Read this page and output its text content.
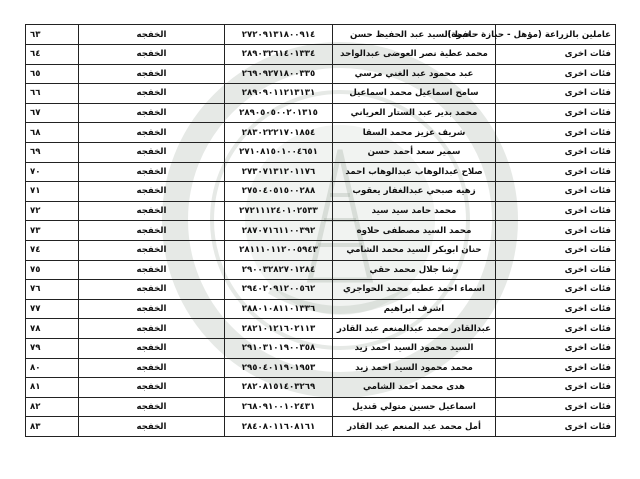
٦٣	الخفجه	٢٧٢٠٩١٣١٨٠٠٩١٤	حافظ السيد عبد الحفيظ حسن	عاملين بالزراعة (مؤهل - حيازة - خبرة)
٦٤	الخفجه	٢٨٩٠٣٢٦١٤٠١٣٣٤	محمد عطية نصر العوضى عبدالواحد	فئات اخرى
٦٥	الخفجه	٢٦٩٠٩٢٧١٨٠٠٣٣٥	عبد محمود عبد الغني مرسي	فئات اخرى
٦٦	الخفجه	٢٨٩٠٩٠١١٢١٣١٣١	سامح اسماعيل محمد اسماعيل	فئات اخرى
٦٧	الخفجه	٢٨٩٠٥٠٥٠٠٢٠١٣١٥	محمد بدير عبد الستار العرياني	فئات اخرى
٦٨	الخفجه	٢٨٣٠٢٢٢١٧٠١٨٥٤	شريف عزيز محمد السقا	فئات اخرى
٦٩	الخفجه	٢٧١٠٨١٥٠١٠٠٤٦٥١	سمير سعد أحمد حسن	فئات اخرى
٧٠	الخفجه	٢٧٣٠٧١٣١٢٠١١٧٦	صلاح عبدالوهاب عبدالوهاب احمد	فئات اخرى
٧١	الخفجه	٢٧٥٠٤٠٥١٥٠٠٢٨٨	زهيه صبحي عبدالغفار يعقوب	فئات اخرى
٧٢	الخفجه	٢٧٢١١١٢٤٠١٠٢٥٣٣	محمد حامد سيد سيد	فئات اخرى
٧٣	الخفجه	٢٨٧٠٧١٦١١٠٠٣٩٢	محمد السيد مصطفى حلاوه	فئات اخرى
٧٤	الخفجه	٢٨١١١٠١١٢٠٠٥٩٤٣	حنان ابوبكر السيد محمد الشامي	فئات اخرى
٧٥	الخفجه	٢٩٠٠٣٢٨٢٧٠١٢٨٤	رشا جلال محمد حقي	فئات اخرى
٧٦	الخفجه	٢٩٤٠٢٠٩١٢٠٠٥٦٢	اسماء احمد عطيه محمد الحواجري	فئات اخرى
٧٧	الخفجه	٢٨٨٠١٠٨١١٠١٣٣٦	اشرف ابراهيم	فئات اخرى
٧٨	الخفجه	٢٨٢١٠١٢١٦٠٢١١٣	عبدالقادر محمد عبدالمنعم عبد القادر	فئات اخرى
٧٩	الخفجه	٢٩١٠٣١٠١٩٠٠٣٥٨	السيد محمود السيد احمد زيد	فئات اخرى
٨٠	الخفجه	٢٩٥٠٤٠١١٩٠١٩٥٣	محمد محمود السيد احمد زيد	فئات اخرى
٨١	الخفجه	٢٨٢٠٨١٥١٤٠٣٢٦٩	هدى محمد احمد الشامي	فئات اخرى
٨٢	الخفجه	٢٦٨٠٩١٠٠١٠٢٤٣١	اسماعيل حسين متولي قنديل	فئات اخرى
٨٣	الخفجه	٢٨٤٠٨٠١١٦٠٨١٦١	أمل محمد عبد المنعم عبد القادر	فئات اخرى
